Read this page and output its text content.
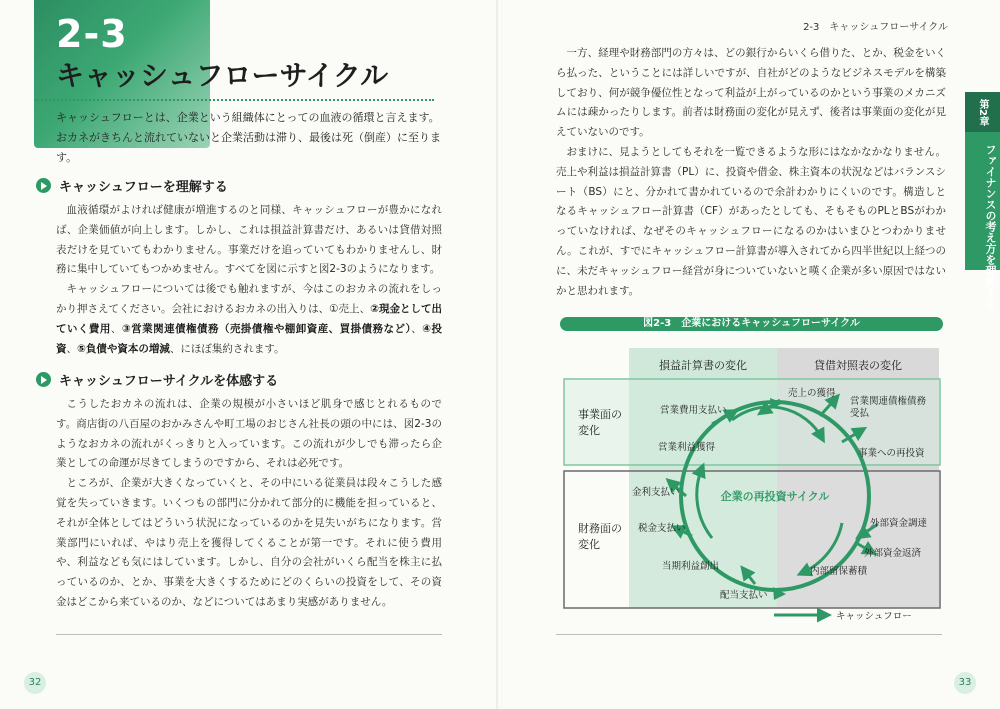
2-3
キャッシュフローサイクル
キャッシュフローとは、企業という組織体にとっての血液の循環と言えます。おカネがきちんと流れていないと企業活動は滞り、最後は死（倒産）に至ります。
キャッシュフローを理解する

血液循環がよければ健康が増進するのと同様、キャッシュフローが豊かになれば、企業価値が向上します。しかし、これは損益計算書だけ、あるいは貸借対照表だけを見ていてもわかりません。事業だけを追っていてもわかりませんし、財務に集中していてもつかめません。すべてを図に示すと図2-3のようになります。

キャッシュフローについては後でも触れますが、今はこのおカネの流れをしっかり押さえてください。会社におけるおカネの出入りは、①売上、②現金として出ていく費用、③営業関連債権債務（売掛債権や棚卸資産、買掛債務など）、④投資、⑤負債や資本の増減、にほぼ集約されます。

キャッシュフローサイクルを体感する

こうしたおカネの流れは、企業の規模が小さいほど肌身で感じとれるものです。商店街の八百屋のおかみさんや町工場のおじさん社長の頭の中には、図2-3のようなおカネの流れがくっきりと入っています。この流れが少しでも滞ったら企業としての命運が尽きてしまうのですから、それは必死です。

ところが、企業が大きくなっていくと、その中にいる従業員は段々こうした感覚を失っていきます。いくつもの部門に分かれて部分的に機能を担っていると、それが全体としてはどういう状況になっているのかを見失いがちになります。営業部門にいれば、やはり売上を獲得してくることが第一です。それに使う費用や、利益なども気にはしています。しかし、自分の会社がいくら配当を株主に払っているのか、とか、事業を大きくするためにどのくらいの投資をして、その資金はどこから来ているのか、などについてはあまり実感がありません。

32
2-3　キャッシュフローサイクル
第2章
ファイナンスの考え方を理解する

一方、経理や財務部門の方々は、どの銀行からいくら借りた、とか、税金をいくら払った、ということには詳しいですが、自社がどのようなビジネスモデルを構築しており、何が競争優位性となって利益が上がっているのかという事業のメカニズムには疎かったりします。前者は財務面の変化が見えず、後者は事業面の変化が見えていないのです。

おまけに、見ようとしてもそれを一覧できるような形にはなかなかなりません。売上や利益は損益計算書（PL）に、投資や借金、株主資本の状況などはバランスシート（BS）にと、分かれて書かれているので余計わかりにくいのです。構造しとなるキャッシュフロー計算書（CF）があったとしても、そもそものPLとBSがわかっていなければ、なぜそのキャッシュフローになるのかはいまひとつわかりません。これが、すでにキャッシュフロー計算書が導入されてから四半世紀以上経つのに、未だキャッシュフロー経営が身についていないと嘆く企業が多い原因ではないかと思われます。

図2-3　企業におけるキャッシュフローサイクル
損益計算書の変化	貸借対照表の変化
事業面の
変化
財務面の
変化
企業の再投資サイクル
売上の獲得
営業関連債権債務
受払
営業費用支払い
営業利益獲得
事業への再投資
金利支払い
税金支払い
当期利益創出
配当支払い
内部留保蓄積
外部資金調達
外部資金返済
キャッシュフロー
33
